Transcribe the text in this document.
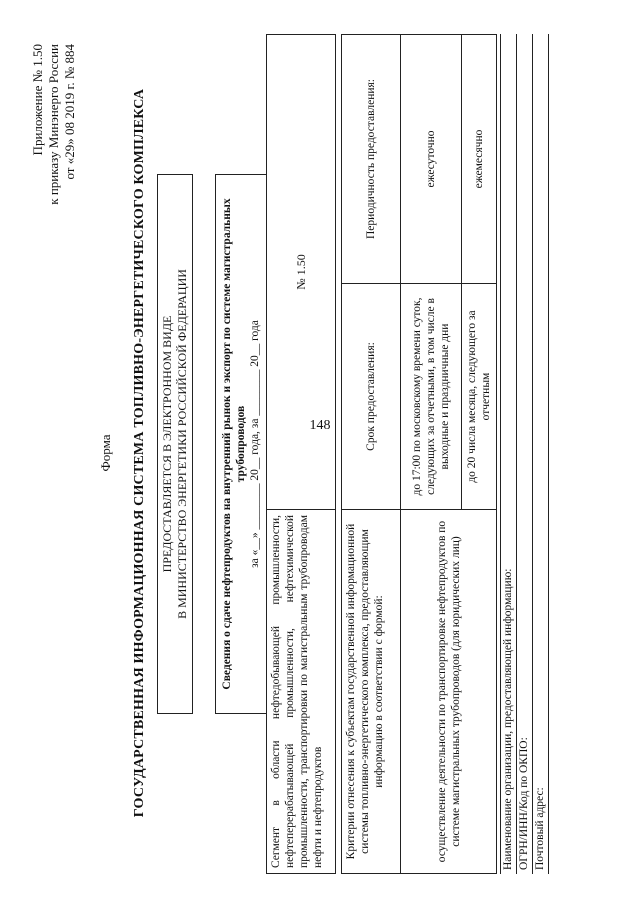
148
Приложение № 1.50 к приказу Минэнерго России от «29» 08 2019 г. № 884
Форма ГОСУДАРСТВЕННАЯ ИНФОРМАЦИОННАЯ СИСТЕМА ТОПЛИВНО-ЭНЕРГЕТИЧЕСКОГО КОМПЛЕКСА ПРЕДОСТАВЛЯЕТСЯ В ЭЛЕКТРОННОМ ВИДЕ В МИНИСТЕРСТВО ЭНЕРГЕТИКИ РОССИЙСКОЙ ФЕДЕРАЦИИ	Сведения о сдаче нефтепродуктов на внутренний рынок и экспорт по системе магистральных трубопроводов за «__» ________ 20__ года, за ________ 20__ года
Сегмент в области нефтедобывающей промышленности, нефтеперерабатывающей промышленности, нефтехимической промышленности, транспортировки по магистральным трубопроводам нефти и нефтепродуктов	№ 1.50
Критерии отнесения к субъектам государственной информационной системы топливно-энергетического комплекса, предоставляющим информацию в соответствии с формой:	Срок предоставления:	Периодичность предоставления:
осуществление деятельности по транспортировке нефтепродуктов по системе магистральных трубопроводов (для юридических лиц)	до 17:00 по московскому времени суток, следующих за отчетными, в том числе в выходные и праздничные дни	ежесуточно
	до 20 числа месяца, следующего за отчетным	ежемесячно
Наименование организации, предоставляющей информацию: ОГРН/ИНН/Код по ОКПО: Почтовый адрес:
